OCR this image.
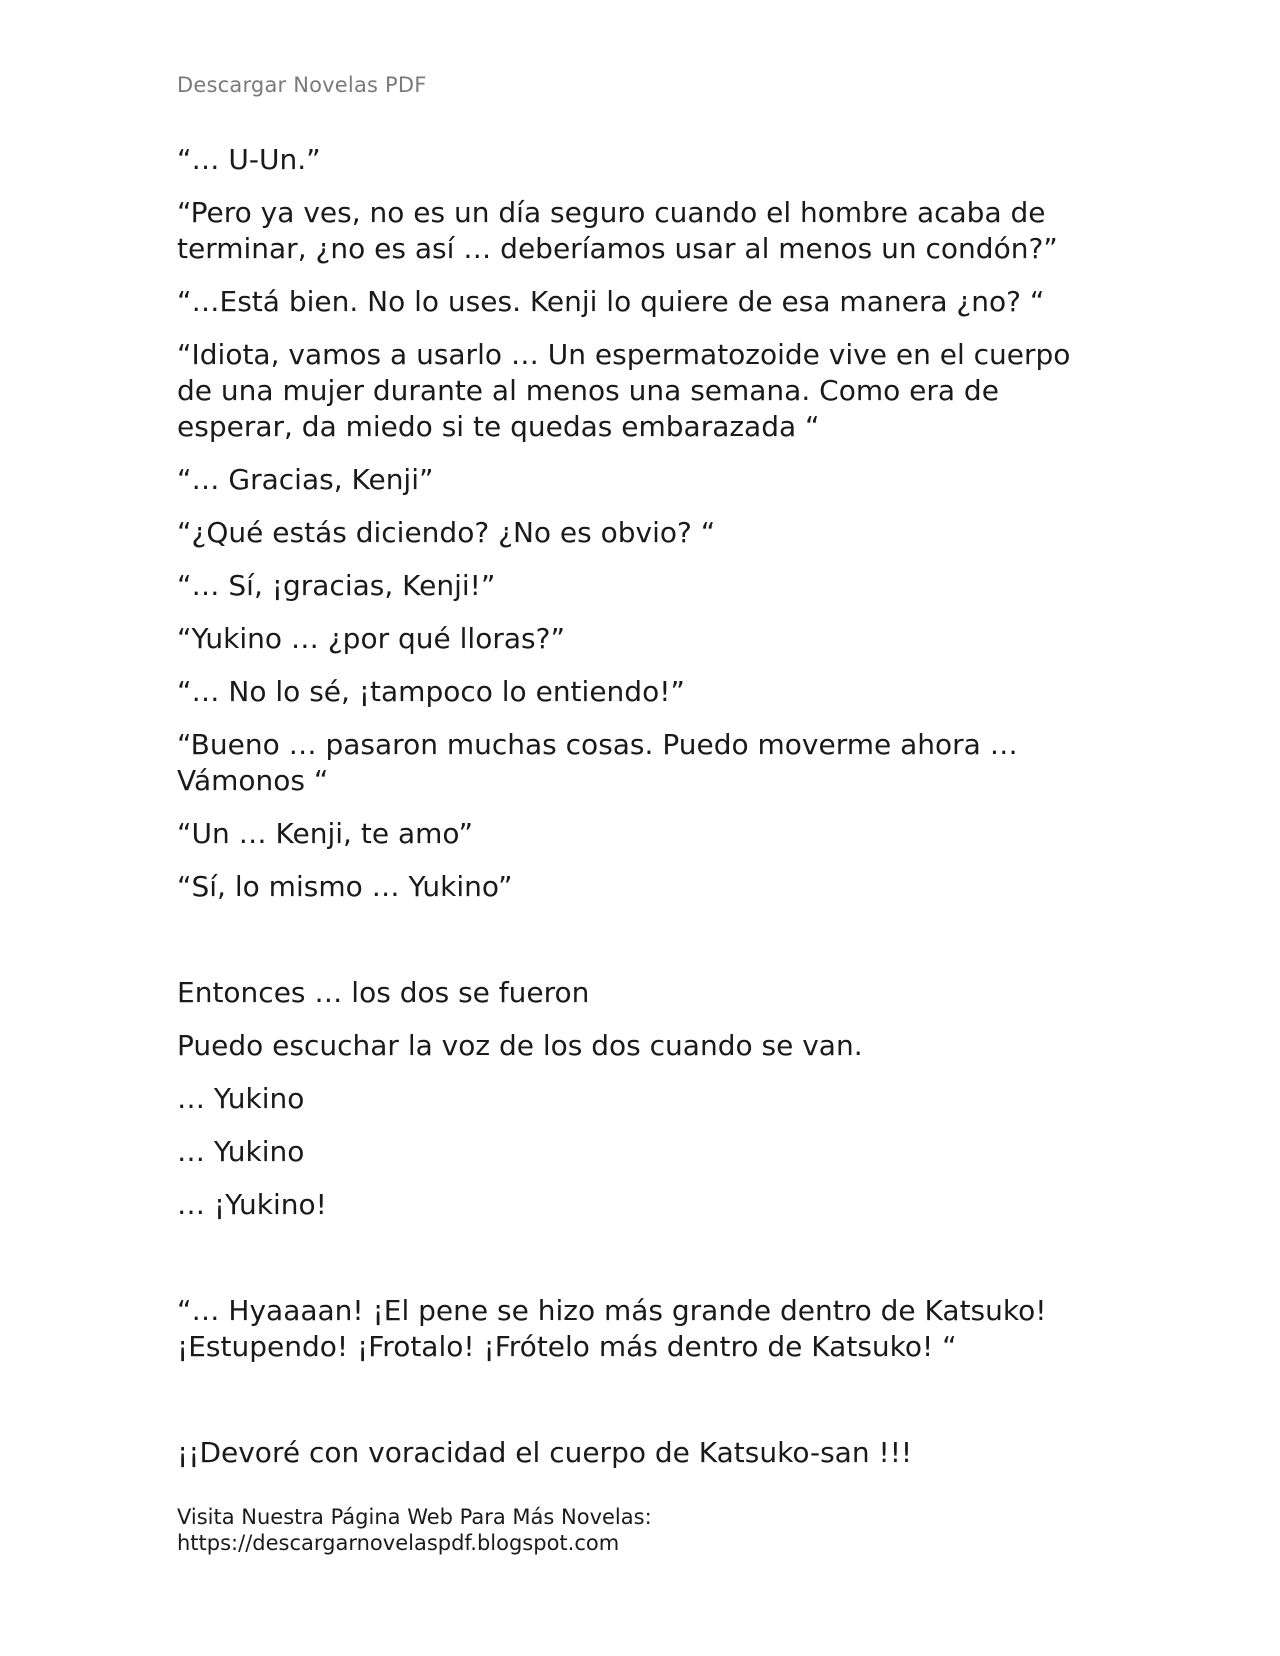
Descargar Novelas PDF

“… U-Un.”

“Pero ya ves, no es un día seguro cuando el hombre acaba de terminar, ¿no es así … deberíamos usar al menos un condón?”

“…Está bien. No lo uses. Kenji lo quiere de esa manera ¿no? “

“Idiota, vamos a usarlo … Un espermatozoide vive en el cuerpo de una mujer durante al menos una semana. Como era de esperar, da miedo si te quedas embarazada “

“… Gracias, Kenji”

“¿Qué estás diciendo? ¿No es obvio? “

“… Sí, ¡gracias, Kenji!”

“Yukino … ¿por qué lloras?”

“… No lo sé, ¡tampoco lo entiendo!”

“Bueno … pasaron muchas cosas. Puedo moverme ahora … Vámonos “

“Un … Kenji, te amo”

“Sí, lo mismo … Yukino”

Entonces … los dos se fueron

Puedo escuchar la voz de los dos cuando se van.

… Yukino

… Yukino

… ¡Yukino!

“… Hyaaaan! ¡El pene se hizo más grande dentro de Katsuko! ¡Estupendo! ¡Frotalo! ¡Frótelo más dentro de Katsuko! “

¡¡Devoré con voracidad el cuerpo de Katsuko-san !!!

Visita Nuestra Página Web Para Más Novelas:
https://descargarnovelaspdf.blogspot.com
